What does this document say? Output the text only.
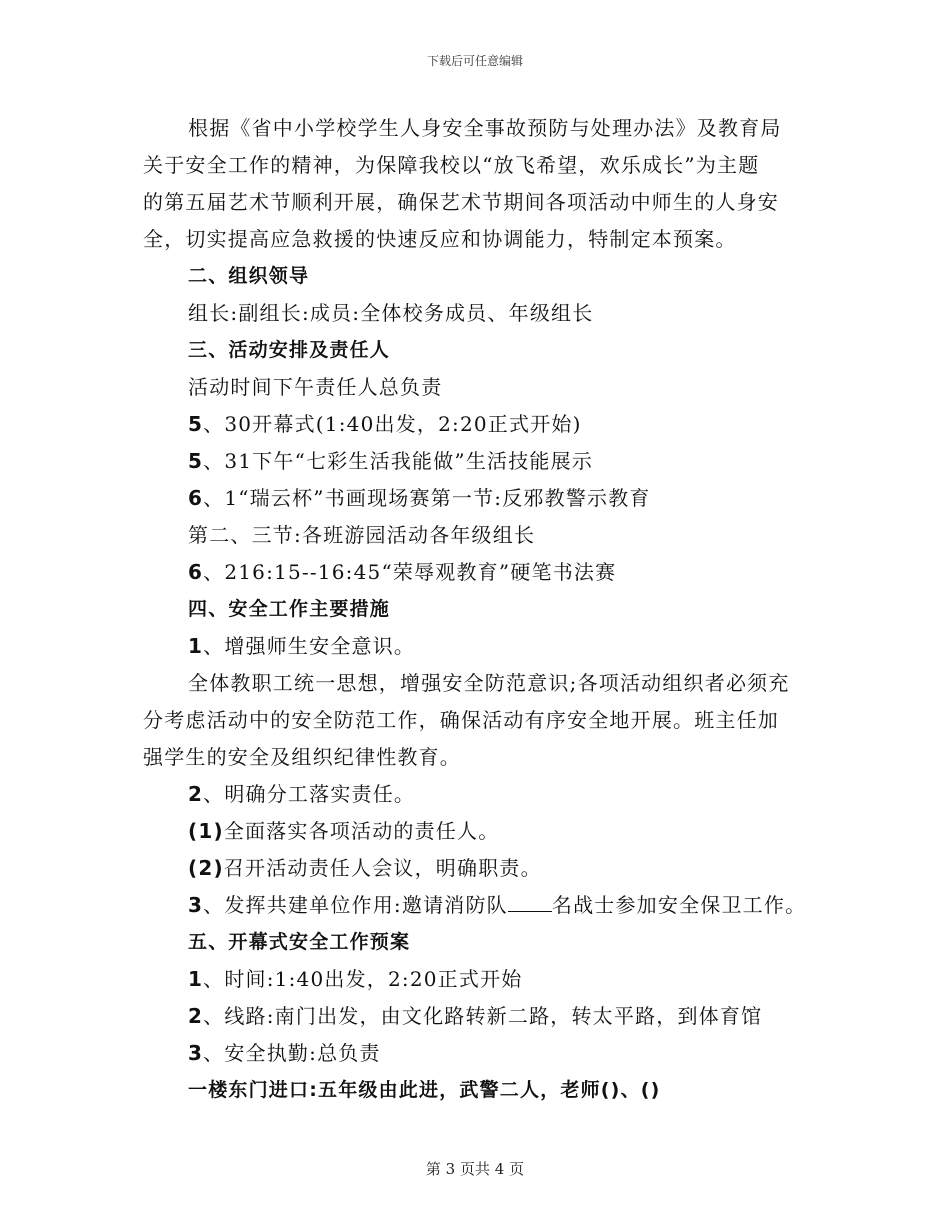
下载后可任意编辑
根据《省中小学校学生人身安全事故预防与处理办法》及教育局
关于安全工作的精神，为保障我校以“放飞希望，欢乐成长”为主题
的第五届艺术节顺利开展，确保艺术节期间各项活动中师生的人身安
全，切实提高应急救援的快速反应和协调能力，特制定本预案。
二、组织领导
组长:副组长:成员:全体校务成员、年级组长
三、活动安排及责任人
活动时间下午责任人总负责
5、30开幕式(1:40出发，2:20正式开始)
5、31下午“七彩生活我能做”生活技能展示
6、1“瑞云杯”书画现场赛第一节:反邪教警示教育
第二、三节:各班游园活动各年级组长
6、216:15--16:45“荣辱观教育”硬笔书法赛
四、安全工作主要措施
1、增强师生安全意识。
全体教职工统一思想，增强安全防范意识;各项活动组织者必须充
分考虑活动中的安全防范工作，确保活动有序安全地开展。班主任加
强学生的安全及组织纪律性教育。
2、明确分工落实责任。
(1)全面落实各项活动的责任人。
(2)召开活动责任人会议，明确职责。
3、发挥共建单位作用:邀请消防队 名战士参加安全保卫工作。
五、开幕式安全工作预案
1、时间:1:40出发，2:20正式开始
2、线路:南门出发，由文化路转新二路，转太平路，到体育馆
3、安全执勤:总负责
一楼东门进口:五年级由此进，武警二人，老师()、()
第 3 页共 4 页
